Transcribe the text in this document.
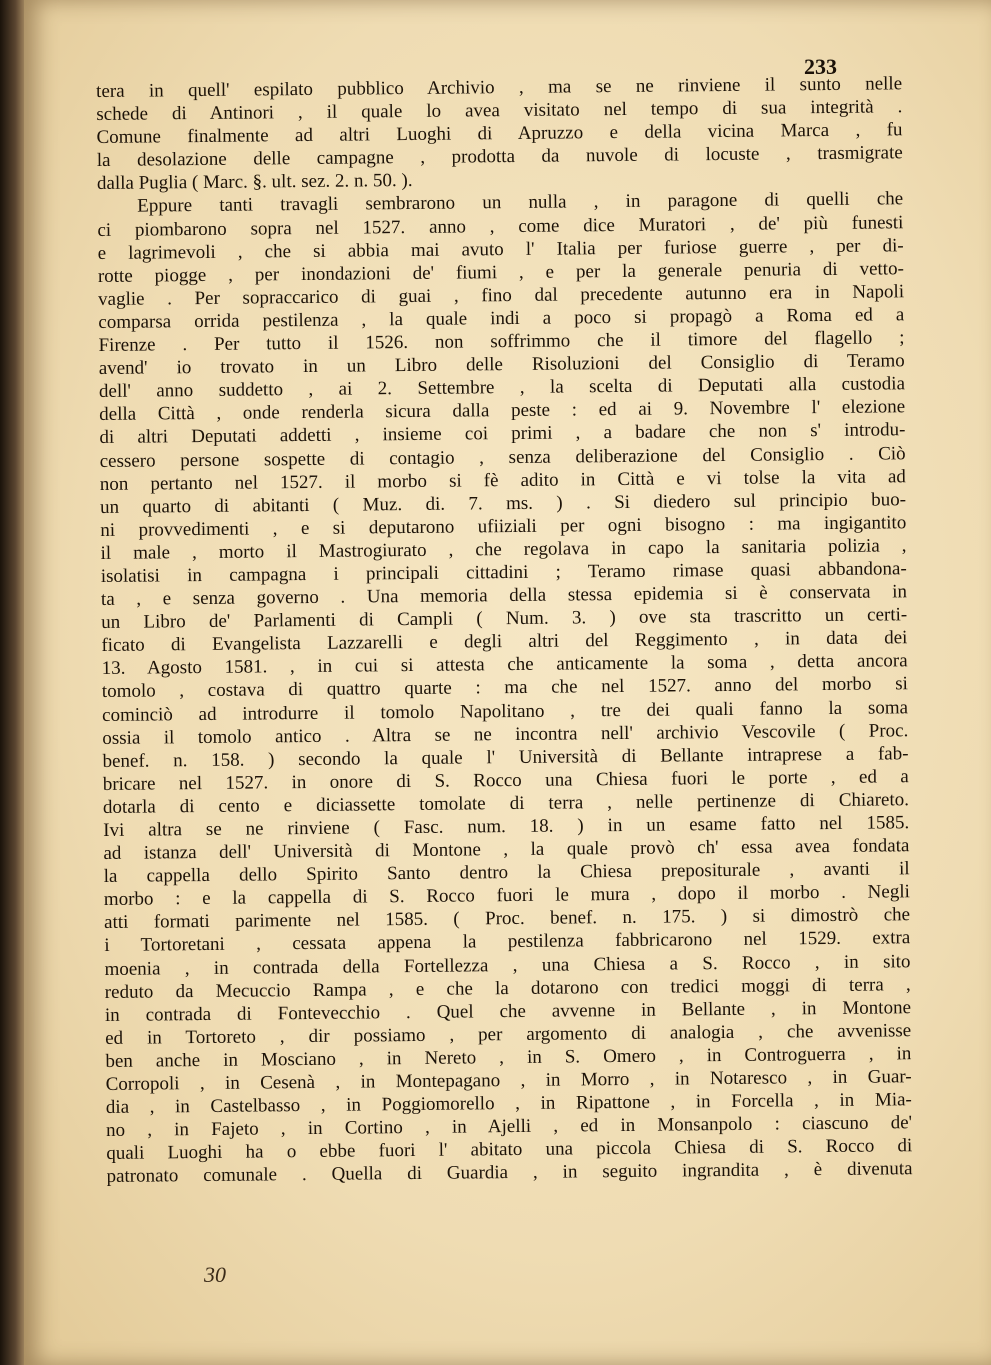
233
tera in quell' espilato pubblico Archivio , ma se ne rinviene il sunto nelle
schede di Antinori , il quale lo avea visitato nel tempo di sua integrità .
Comune finalmente ad altri Luoghi di Apruzzo e della vicina Marca , fu
la desolazione delle campagne , prodotta da nuvole di locuste , trasmigrate
dalla Puglia ( Marc. §. ult. sez. 2. n. 50. ).
Eppure tanti travagli sembrarono un nulla , in paragone di quelli che
ci piombarono sopra nel 1527. anno , come dice Muratori , de' più funesti
e lagrimevoli , che si abbia mai avuto l' Italia per furiose guerre , per di-
rotte piogge , per inondazioni de' fiumi , e per la generale penuria di vetto-
vaglie . Per sopraccarico di guai , fino dal precedente autunno era in Napoli
comparsa orrida pestilenza , la quale indi a poco si propagò a Roma ed a
Firenze . Per tutto il 1526. non soffrimmo che il timore del flagello ;
avend' io trovato in un Libro delle Risoluzioni del Consiglio di Teramo
dell' anno suddetto , ai 2. Settembre , la scelta di Deputati alla custodia
della Città , onde renderla sicura dalla peste : ed ai 9. Novembre l' elezione
di altri Deputati addetti , insieme coi primi , a badare che non s' introdu-
cessero persone sospette di contagio , senza deliberazione del Consiglio . Ciò
non pertanto nel 1527. il morbo si fè adito in Città e vi tolse la vita ad
un quarto di abitanti ( Muz. di. 7. ms. ) . Si diedero sul principio buo-
ni provvedimenti , e si deputarono ufiiziali per ogni bisogno : ma ingigantito
il male , morto il Mastrogiurato , che regolava in capo la sanitaria polizia ,
isolatisi in campagna i principali cittadini ; Teramo rimase quasi abbandona-
ta , e senza governo . Una memoria della stessa epidemia si è conservata in
un Libro de' Parlamenti di Campli ( Num. 3. ) ove sta trascritto un certi-
ficato di Evangelista Lazzarelli e degli altri del Reggimento , in data dei
13. Agosto 1581. , in cui si attesta che anticamente la soma , detta ancora
tomolo , costava di quattro quarte : ma che nel 1527. anno del morbo si
cominciò ad introdurre il tomolo Napolitano , tre dei quali fanno la soma
ossia il tomolo antico . Altra se ne incontra nell' archivio Vescovile ( Proc.
benef. n. 158. ) secondo la quale l' Università di Bellante intraprese a fab-
bricare nel 1527. in onore di S. Rocco una Chiesa fuori le porte , ed a
dotarla di cento e diciassette tomolate di terra , nelle pertinenze di Chiareto.
Ivi altra se ne rinviene ( Fasc. num. 18. ) in un esame fatto nel 1585.
ad istanza dell' Università di Montone , la quale provò ch' essa avea fondata
la cappella dello Spirito Santo dentro la Chiesa prepositurale , avanti il
morbo : e la cappella di S. Rocco fuori le mura , dopo il morbo . Negli
atti formati parimente nel 1585. ( Proc. benef. n. 175. ) si dimostrò che
i Tortoretani , cessata appena la pestilenza fabbricarono nel 1529. extra
moenia , in contrada della Fortellezza , una Chiesa a S. Rocco , in sito
reduto da Mecuccio Rampa , e che la dotarono con tredici moggi di terra ,
in contrada di Fontevecchio . Quel che avvenne in Bellante , in Montone
ed in Tortoreto , dir possiamo , per argomento di analogia , che avvenisse
ben anche in Mosciano , in Nereto , in S. Omero , in Controguerra , in
Corropoli , in Cesenà , in Montepagano , in Morro , in Notaresco , in Guar-
dia , in Castelbasso , in Poggiomorello , in Ripattone , in Forcella , in Mia-
no , in Fajeto , in Cortino , in Ajelli , ed in Monsanpolo : ciascuno de'
quali Luoghi ha o ebbe fuori l' abitato una piccola Chiesa di S. Rocco di
patronato comunale . Quella di Guardia , in seguito ingrandita , è divenuta
30
